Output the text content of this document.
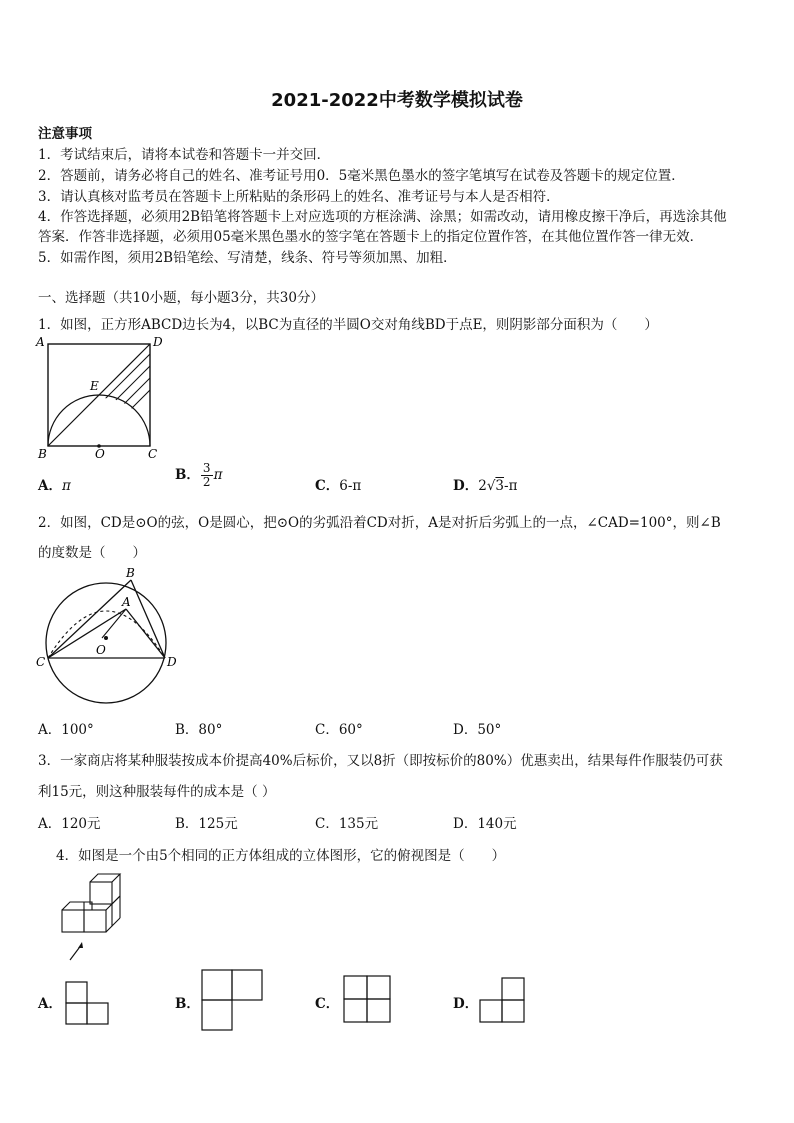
2021-2022中考数学模拟试卷
注意事项
1．考试结束后，请将本试卷和答题卡一并交回．
2．答题前，请务必将自己的姓名、准考证号用0．5毫米黑色墨水的签字笔填写在试卷及答题卡的规定位置．
3．请认真核对监考员在答题卡上所粘贴的条形码上的姓名、准考证号与本人是否相符．
4．作答选择题，必须用2B铅笔将答题卡上对应选项的方框涂满、涂黑；如需改动，请用橡皮擦干净后，再选涂其他
答案．作答非选择题，必须用05毫米黑色墨水的签字笔在答题卡上的指定位置作答，在其他位置作答一律无效．
5．如需作图，须用2B铅笔绘、写清楚，线条、符号等须加黑、加粗．
一、选择题（共10小题，每小题3分，共30分）
1．如图，正方形ABCD边长为4，以BC为直径的半圆O交对角线BD于点E，则阴影部分面积为（　　）
A	D
E
B	O	C
A．π
B． $\frac{3}{2}$ π
C．6-π	D．2√3-π
2．如图，CD是⊙O的弦，O是圆心，把⊙O的劣弧沿着CD对折，A是对折后劣弧上的一点，∠CAD=100°，则∠B
的度数是（　　）
B
A
O
C	D
A．100°	B．80°	C．60°	D．50°
3．一家商店将某种服装按成本价提高40%后标价，又以8折（即按标价的80%）优惠卖出，结果每件作服装仍可获
利15元，则这种服装每件的成本是（ ）
A．120元	B．125元	C．135元	D．140元
4．如图是一个由5个相同的正方体组成的立体图形，它的俯视图是（　　）
A．	B．	C．	D．
